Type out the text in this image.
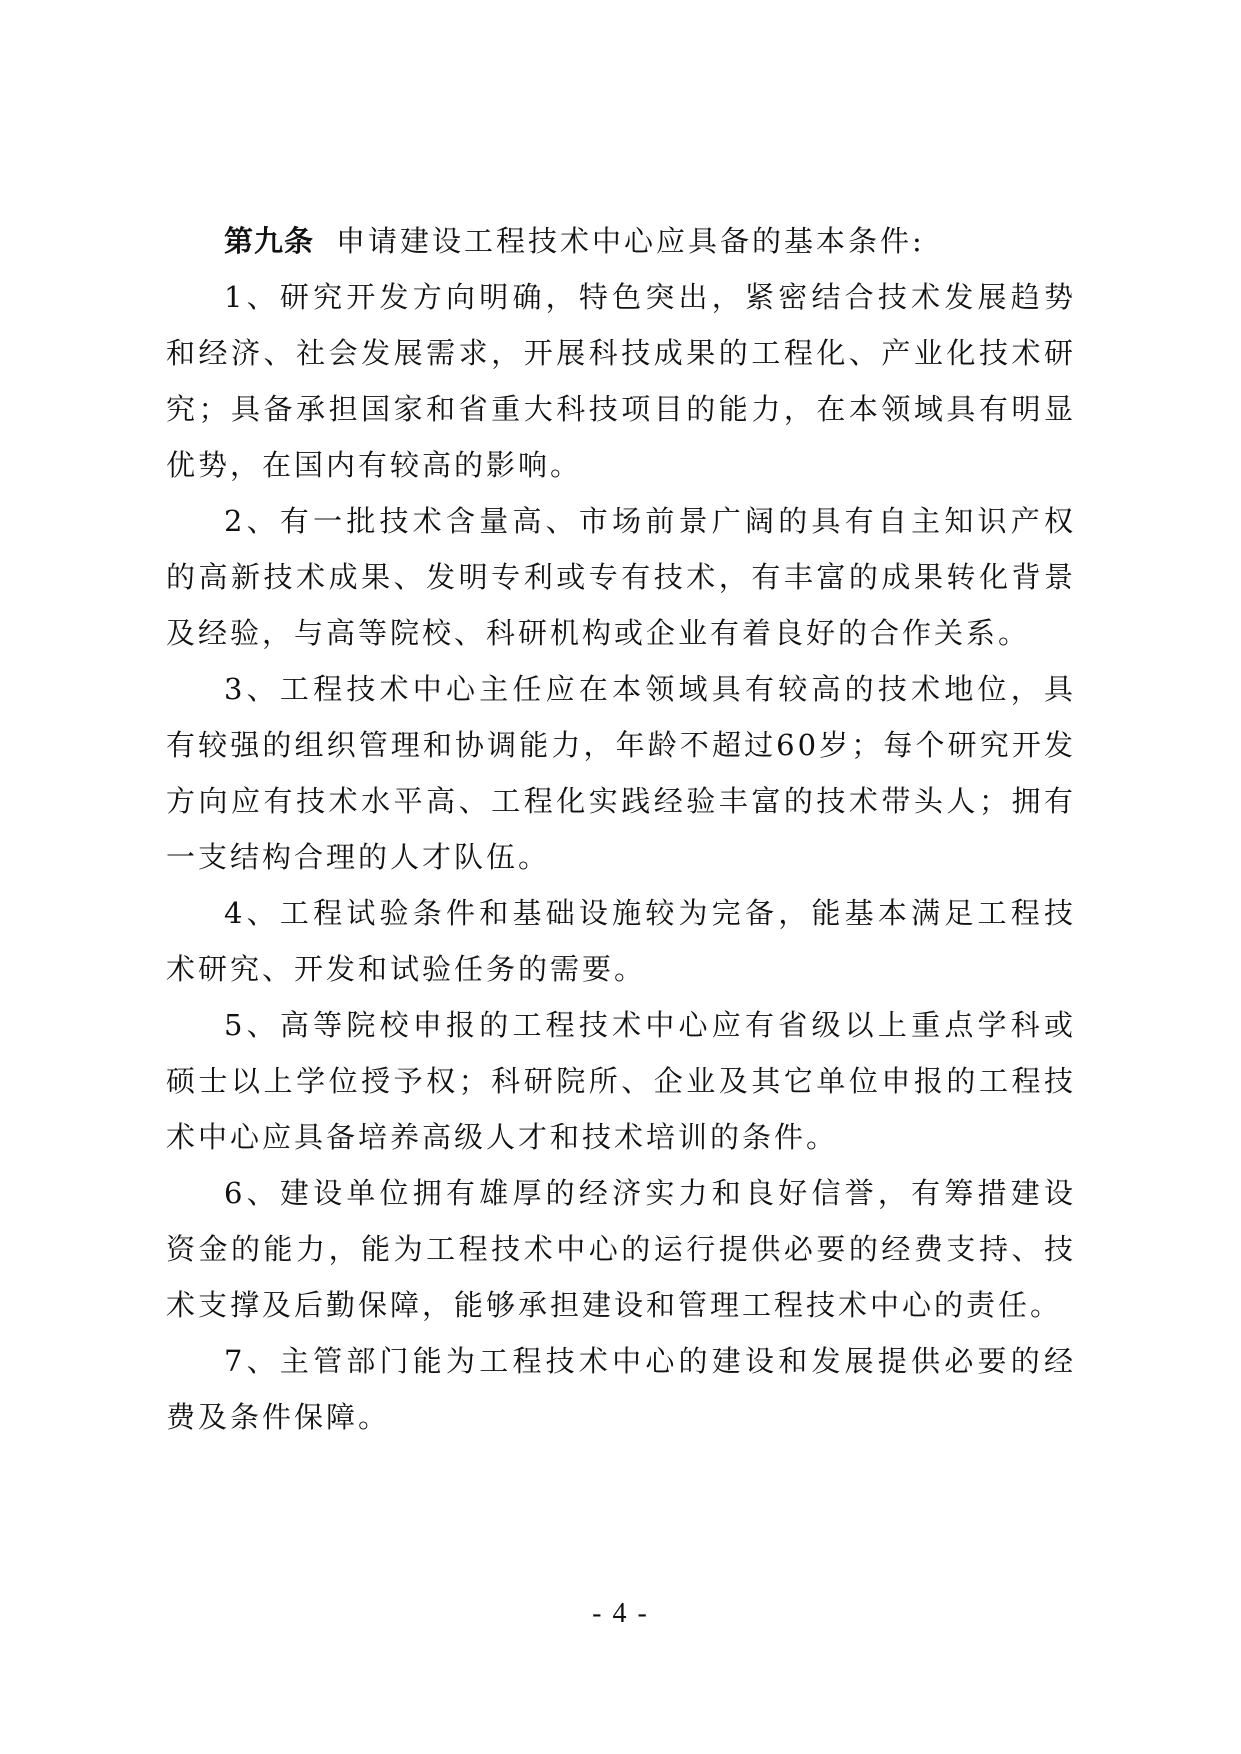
第九条 申请建设工程技术中心应具备的基本条件:

1、研究开发方向明确，特色突出，紧密结合技术发展趋势和经济、社会发展需求，开展科技成果的工程化、产业化技术研究；具备承担国家和省重大科技项目的能力，在本领域具有明显优势，在国内有较高的影响。

2、有一批技术含量高、市场前景广阔的具有自主知识产权的高新技术成果、发明专利或专有技术，有丰富的成果转化背景及经验，与高等院校、科研机构或企业有着良好的合作关系。

3、工程技术中心主任应在本领域具有较高的技术地位，具有较强的组织管理和协调能力，年龄不超过60岁；每个研究开发方向应有技术水平高、工程化实践经验丰富的技术带头人；拥有一支结构合理的人才队伍。

4、工程试验条件和基础设施较为完备，能基本满足工程技术研究、开发和试验任务的需要。

5、高等院校申报的工程技术中心应有省级以上重点学科或硕士以上学位授予权；科研院所、企业及其它单位申报的工程技术中心应具备培养高级人才和技术培训的条件。

6、建设单位拥有雄厚的经济实力和良好信誉，有筹措建设资金的能力，能为工程技术中心的运行提供必要的经费支持、技术支撑及后勤保障，能够承担建设和管理工程技术中心的责任。

7、主管部门能为工程技术中心的建设和发展提供必要的经费及条件保障。

- 4 -
